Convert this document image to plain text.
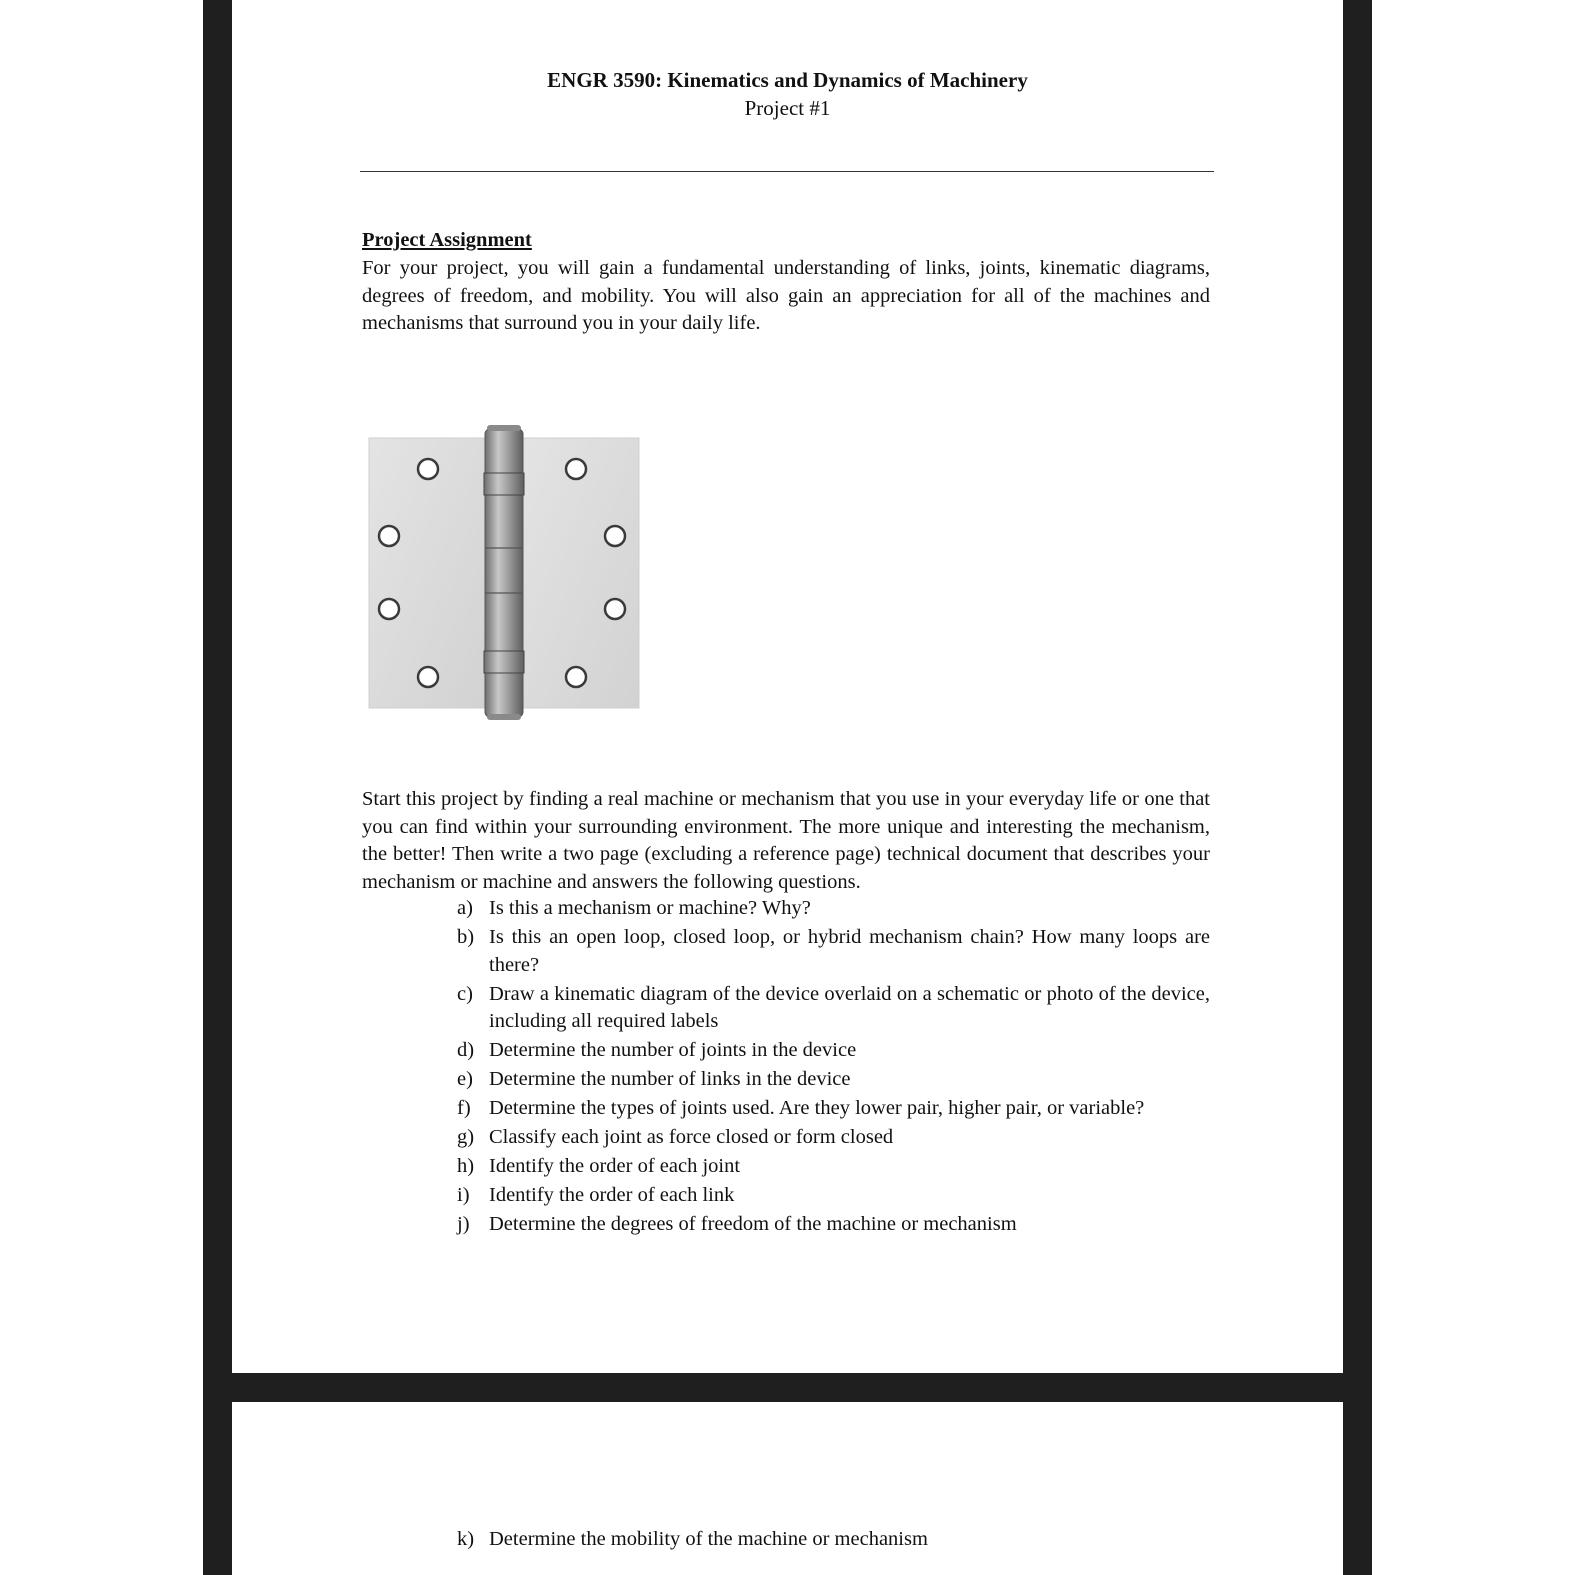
ENGR 3590: Kinematics and Dynamics of Machinery
Project #1
Project Assignment
For your project, you will gain a fundamental understanding of links, joints, kinematic diagrams, degrees of freedom, and mobility. You will also gain an appreciation for all of the machines and mechanisms that surround you in your daily life.
Start this project by finding a real machine or mechanism that you use in your everyday life or one that you can find within your surrounding environment. The more unique and interesting the mechanism, the better! Then write a two page (excluding a reference page) technical document that describes your mechanism or machine and answers the following questions.
a) Is this a mechanism or machine? Why?
b) Is this an open loop, closed loop, or hybrid mechanism chain? How many loops are there?
c) Draw a kinematic diagram of the device overlaid on a schematic or photo of the device, including all required labels
d) Determine the number of joints in the device
e) Determine the number of links in the device
f) Determine the types of joints used. Are they lower pair, higher pair, or variable?
g) Classify each joint as force closed or form closed
h) Identify the order of each joint
i) Identify the order of each link
j) Determine the degrees of freedom of the machine or mechanism
k) Determine the mobility of the machine or mechanism
